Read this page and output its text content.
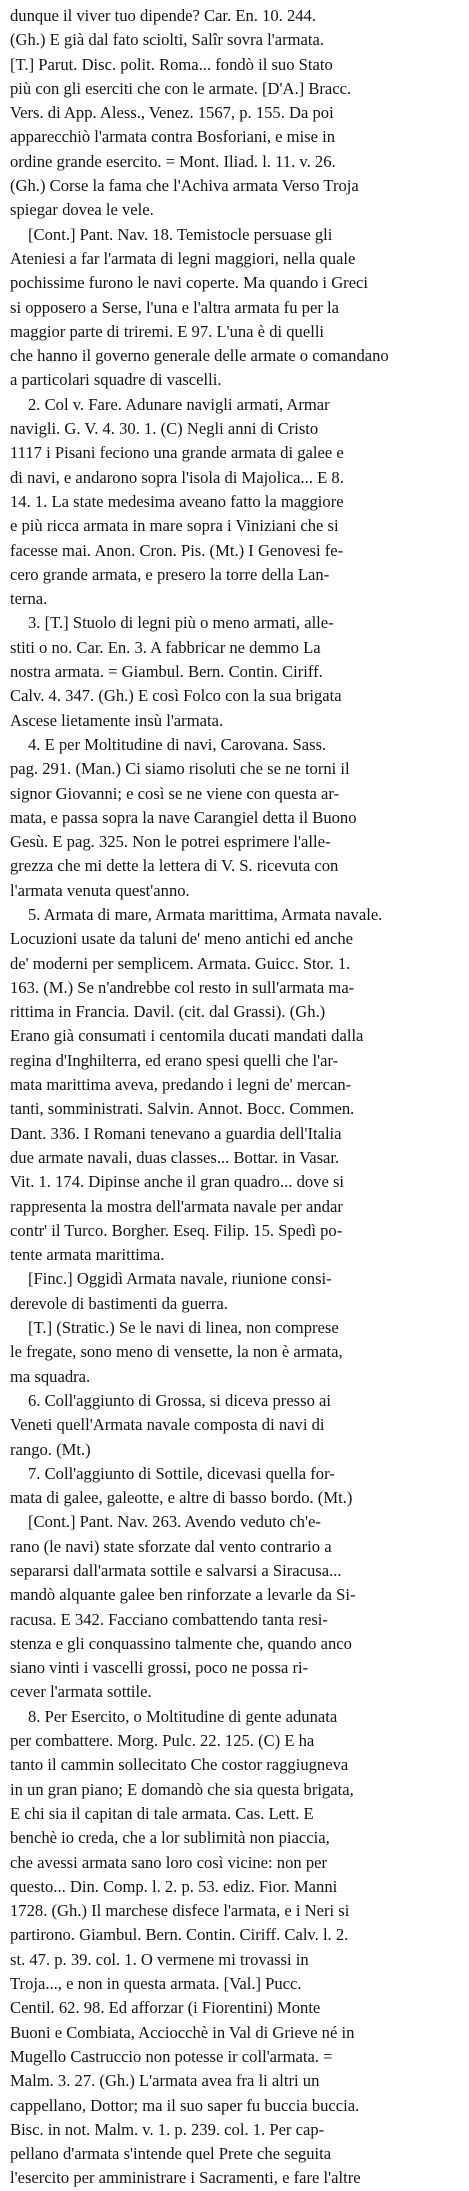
dunque il viver tuo dipende? Car. En. 10. 244.
(Gh.) E già dal fato sciolti, Salîr sovra l'armata.
[T.] Parut. Disc. polit. Roma... fondò il suo Stato
più con gli eserciti che con le armate. [D'A.] Bracc.
Vers. di App. Aless., Venez. 1567, p. 155. Da poi
apparecchiò l'armata contra Bosforiani, e mise in
ordine grande esercito. = Mont. Iliad. l. 11. v. 26.
(Gh.) Corse la fama che l'Achiva armata Verso Troja
spiegar dovea le vele.
[Cont.] Pant. Nav. 18. Temistocle persuase gli
Ateniesi a far l'armata di legni maggiori, nella quale
pochissime furono le navi coperte. Ma quando i Greci
si opposero a Serse, l'una e l'altra armata fu per la
maggior parte di triremi. E 97. L'una è di quelli
che hanno il governo generale delle armate o comandano
a particolari squadre di vascelli.
2. Col v. Fare. Adunare navigli armati, Armar
navigli. G. V. 4. 30. 1. (C) Negli anni di Cristo
1117 i Pisani feciono una grande armata di galee e
di navi, e andarono sopra l'isola di Majolica... E 8.
14. 1. La state medesima aveano fatto la maggiore
e più ricca armata in mare sopra i Viniziani che si
facesse mai. Anon. Cron. Pis. (Mt.) I Genovesi fe-
cero grande armata, e presero la torre della Lan-
terna.
3. [T.] Stuolo di legni più o meno armati, alle-
stiti o no. Car. En. 3. A fabbricar ne demmo La
nostra armata. = Giambul. Bern. Contin. Ciriff.
Calv. 4. 347. (Gh.) E così Folco con la sua brigata
Ascese lietamente insù l'armata.
4. E per Moltitudine di navi, Carovana. Sass.
pag. 291. (Man.) Ci siamo risoluti che se ne torni il
signor Giovanni; e così se ne viene con questa ar-
mata, e passa sopra la nave Carangiel detta il Buono
Gesù. E pag. 325. Non le potrei esprimere l'alle-
grezza che mi dette la lettera di V. S. ricevuta con
l'armata venuta quest'anno.
5. Armata di mare, Armata marittima, Armata navale.
Locuzioni usate da taluni de' meno antichi ed anche
de' moderni per semplicem. Armata. Guicc. Stor. 1.
163. (M.) Se n'andrebbe col resto in sull'armata ma-
rittima in Francia. Davil. (cit. dal Grassi). (Gh.)
Erano già consumati i centomila ducati mandati dalla
regina d'Inghilterra, ed erano spesi quelli che l'ar-
mata marittima aveva, predando i legni de' mercan-
tanti, somministrati. Salvin. Annot. Bocc. Commen.
Dant. 336. I Romani tenevano a guardia dell'Italia
due armate navali, duas classes... Bottar. in Vasar.
Vit. 1. 174. Dipinse anche il gran quadro... dove si
rappresenta la mostra dell'armata navale per andar
contr' il Turco. Borgher. Eseq. Filip. 15. Spedì po-
tente armata marittima.
[Finc.] Oggidì Armata navale, riunione consi-
derevole di bastimenti da guerra.
[T.] (Stratic.) Se le navi di linea, non comprese
le fregate, sono meno di vensette, la non è armata,
ma squadra.
6. Coll'aggiunto di Grossa, si diceva presso ai
Veneti quell'Armata navale composta di navi di
rango. (Mt.)
7. Coll'aggiunto di Sottile, dicevasi quella for-
mata di galee, galeotte, e altre di basso bordo. (Mt.)
[Cont.] Pant. Nav. 263. Avendo veduto ch'e-
rano (le navi) state sforzate dal vento contrario a
separarsi dall'armata sottile e salvarsi a Siracusa...
mandò alquante galee ben rinforzate a levarle da Si-
racusa. E 342. Facciano combattendo tanta resi-
stenza e gli conquassino talmente che, quando anco
siano vinti i vascelli grossi, poco ne possa ri-
cever l'armata sottile.
8. Per Esercito, o Moltitudine di gente adunata
per combattere. Morg. Pulc. 22. 125. (C) E ha
tanto il cammin sollecitato Che costor raggiugneva
in un gran piano; E domandò che sia questa brigata,
E chi sia il capitan di tale armata. Cas. Lett. E
benchè io creda, che a lor sublimità non piaccia,
che avessi armata sano loro così vicine: non per
questo... Din. Comp. l. 2. p. 53. ediz. Fior. Manni
1728. (Gh.) Il marchese disfece l'armata, e i Neri si
partirono. Giambul. Bern. Contin. Ciriff. Calv. l. 2.
st. 47. p. 39. col. 1. O vermene mi trovassi in
Troja..., e non in questa armata. [Val.] Pucc.
Centil. 62. 98. Ed afforzar (i Fiorentini) Monte
Buoni e Combiata, Acciocchè in Val di Grieve né in
Mugello Castruccio non potesse ir coll'armata. =
Malm. 3. 27. (Gh.) L'armata avea fra li altri un
cappellano, Dottor; ma il suo saper fu buccia buccia.
Bisc. in not. Malm. v. 1. p. 239. col. 1. Per cap-
pellano d'armata s'intende quel Prete che seguita
l'esercito per amministrare i Sacramenti, e fare l'altre
